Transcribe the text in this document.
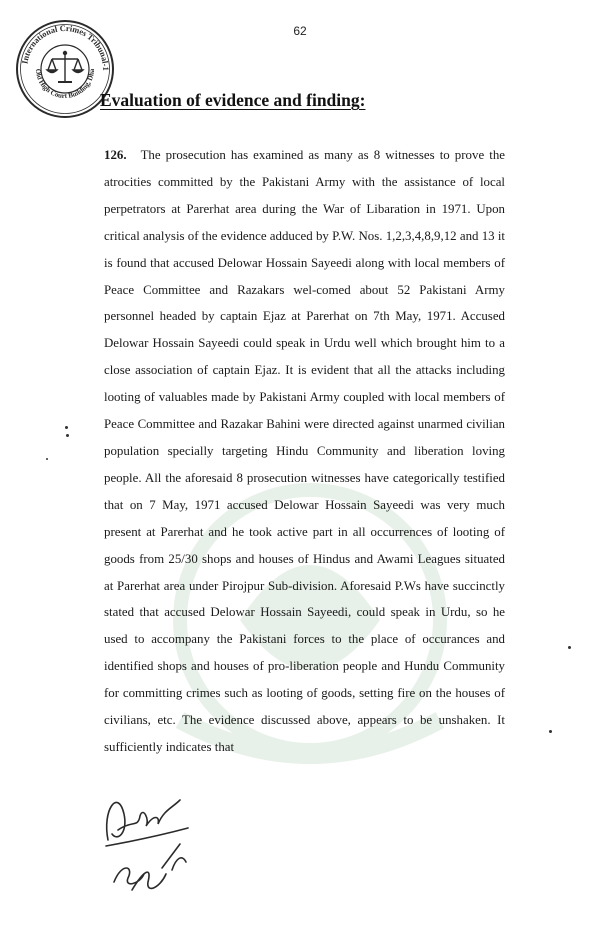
62
International Crimes Tribunal-1
Old High Court Building, Dha
Evaluation of evidence and finding:

126. The prosecution has examined as many as 8 witnesses to prove the atrocities committed by the Pakistani Army with the assistance of local perpetrators at Parerhat area during the War of Libaration in 1971. Upon critical analysis of the evidence adduced by P.W. Nos. 1,2,3,4,8,9,12 and 13 it is found that accused Delowar Hossain Sayeedi along with local members of Peace Committee and Razakars wel-comed about 52 Pakistani Army personnel headed by captain Ejaz at Parerhat on 7th May, 1971. Accused Delowar Hossain Sayeedi could speak in Urdu well which brought him to a close association of captain Ejaz. It is evident that all the attacks including looting of valuables made by Pakistani Army coupled with local members of Peace Committee and Razakar Bahini were directed against unarmed civilian population specially targeting Hindu Community and liberation loving people. All the aforesaid 8 prosecution witnesses have categorically testified that on 7 May, 1971 accused Delowar Hossain Sayeedi was very much present at Parerhat and he took active part in all occurrences of looting of goods from 25/30 shops and houses of Hindus and Awami Leagues situated at Parerhat area under Pirojpur Sub-division. Aforesaid P.Ws have succinctly stated that accused Delowar Hossain Sayeedi, could speak in Urdu, so he used to accompany the Pakistani forces to the place of occurances and identified shops and houses of pro-liberation people and Hundu Community for committing crimes such as looting of goods, setting fire on the houses of civilians, etc. The evidence discussed above, appears to be unshaken. It sufficiently indicates that
